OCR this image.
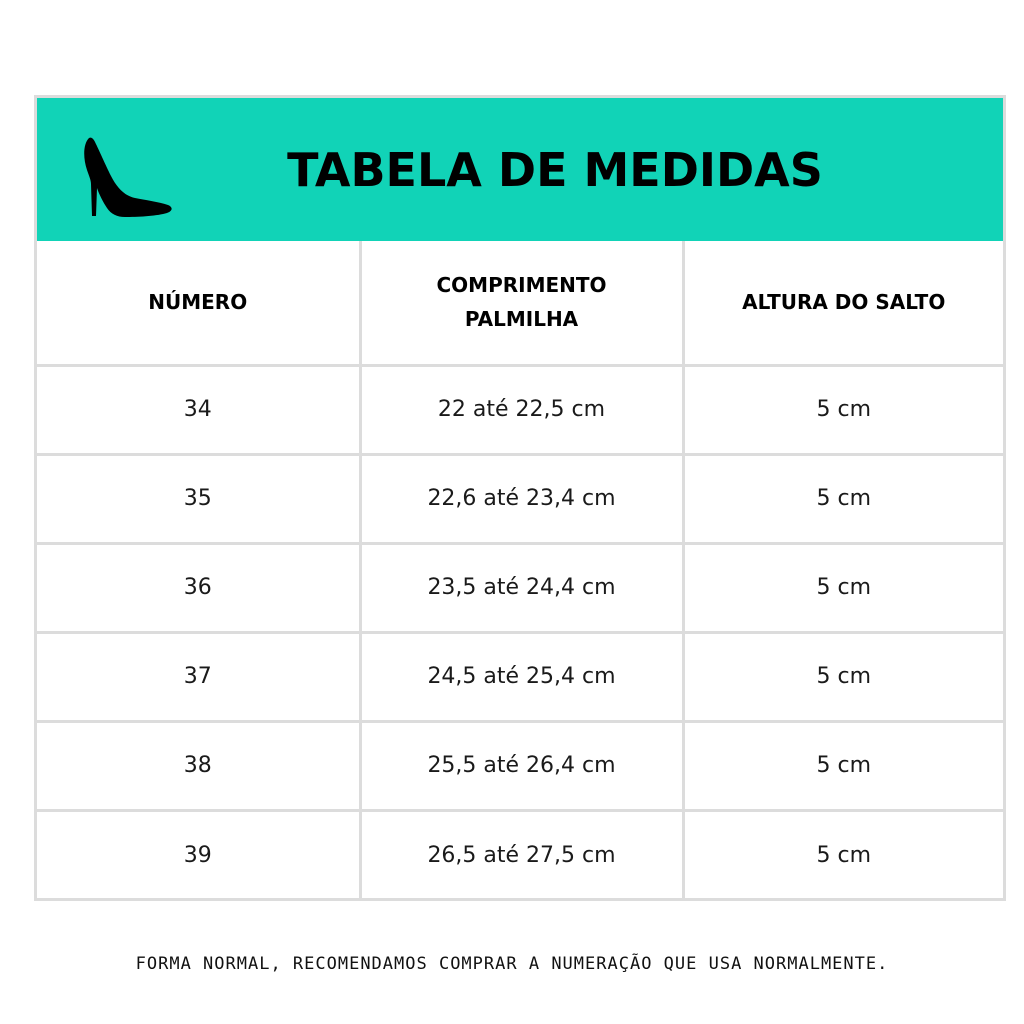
TABELA DE MEDIDAS
NÚMERO	COMPRIMENTO PALMILHA	ALTURA DO SALTO
34	22 até 22,5 cm	5 cm
35	22,6 até 23,4 cm	5 cm
36	23,5 até 24,4 cm	5 cm
37	24,5 até 25,4 cm	5 cm
38	25,5 até 26,4 cm	5 cm
39	26,5 até 27,5 cm	5 cm
FORMA NORMAL, RECOMENDAMOS COMPRAR A NUMERAÇÃO QUE USA NORMALMENTE.
